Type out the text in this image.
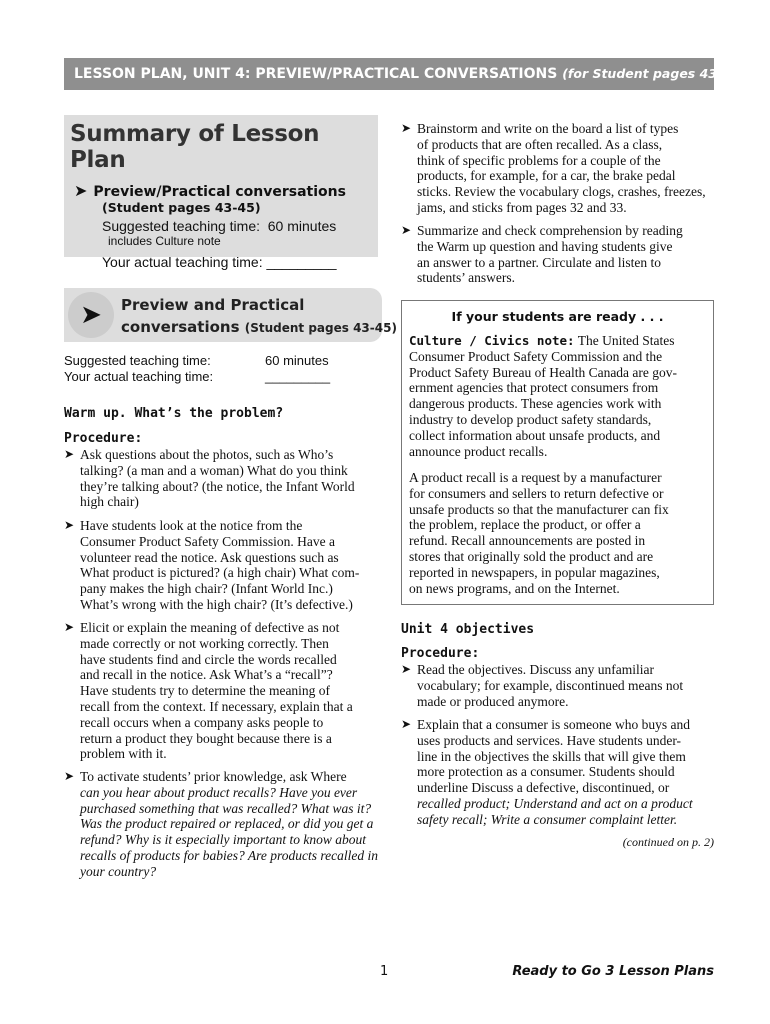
LESSON PLAN, UNIT 4: PREVIEW/PRACTICAL CONVERSATIONS (for Student pages 43-45)
Summary of Lesson Plan
➤ Preview/Practical conversations
(Student pages 43-45)
Suggested teaching time:  60 minutes
includes Culture note
Your actual teaching time: _________
➤	Preview and Practical
conversations (Student pages 43-45)
Suggested teaching time:	60 minutes
Your actual teaching time:	_________
Warm up. What’s the problem?
Procedure:
➤ Ask questions about the photos, such as Who’s
talking? (a man and a woman) What do you think
they’re talking about? (the notice, the Infant World
high chair)
➤ Have students look at the notice from the
Consumer Product Safety Commission. Have a
volunteer read the notice. Ask questions such as
What product is pictured? (a high chair) What com-
pany makes the high chair? (Infant World Inc.)
What’s wrong with the high chair? (It’s defective.)
➤ Elicit or explain the meaning of defective as not
made correctly or not working correctly. Then
have students find and circle the words recalled
and recall in the notice. Ask What’s a “recall”?
Have students try to determine the meaning of
recall from the context. If necessary, explain that a
recall occurs when a company asks people to
return a product they bought because there is a
problem with it.
➤ To activate students’ prior knowledge, ask Where
can you hear about product recalls? Have you ever
purchased something that was recalled? What was it?
Was the product repaired or replaced, or did you get a
refund? Why is it especially important to know about
recalls of products for babies? Are products recalled in
your country?
➤ Brainstorm and write on the board a list of types
of products that are often recalled. As a class,
think of specific problems for a couple of the
products, for example, for a car, the brake pedal
sticks. Review the vocabulary clogs, crashes, freezes,
jams, and sticks from pages 32 and 33.
➤ Summarize and check comprehension by reading
the Warm up question and having students give
an answer to a partner. Circulate and listen to
students’ answers.
If your students are ready . . .
Culture / Civics note: The United States
Consumer Product Safety Commission and the
Product Safety Bureau of Health Canada are gov-
ernment agencies that protect consumers from
dangerous products. These agencies work with
industry to develop product safety standards,
collect information about unsafe products, and
announce product recalls.
A product recall is a request by a manufacturer
for consumers and sellers to return defective or
unsafe products so that the manufacturer can fix
the problem, replace the product, or offer a
refund. Recall announcements are posted in
stores that originally sold the product and are
reported in newspapers, in popular magazines,
on news programs, and on the Internet.
Unit 4 objectives
Procedure:
➤ Read the objectives. Discuss any unfamiliar
vocabulary; for example, discontinued means not
made or produced anymore.
➤ Explain that a consumer is someone who buys and
uses products and services. Have students under-
line in the objectives the skills that will give them
more protection as a consumer. Students should
underline Discuss a defective, discontinued, or
recalled product; Understand and act on a product
safety recall; Write a consumer complaint letter.
(continued on p. 2)
1	Ready to Go 3 Lesson Plans
